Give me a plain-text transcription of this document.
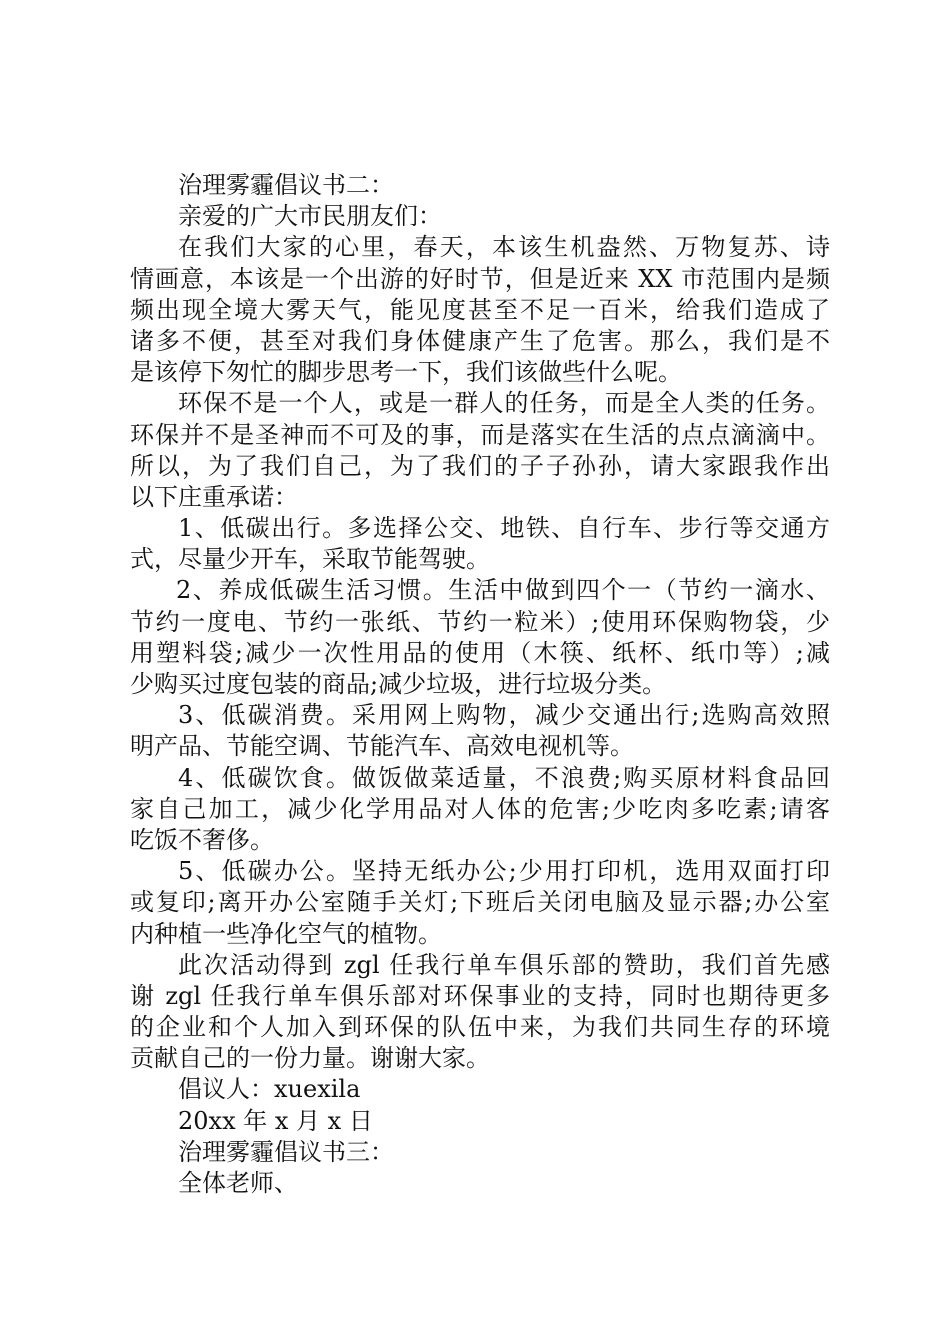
治理雾霾倡议书二：
亲爱的广大市民朋友们：
在我们大家的心里，春天，本该生机盎然、万物复苏、诗
情画意，本该是一个出游的好时节，但是近来 XX 市范围内是频
频出现全境大雾天气，能见度甚至不足一百米，给我们造成了
诸多不便，甚至对我们身体健康产生了危害。那么，我们是不
是该停下匆忙的脚步思考一下，我们该做些什么呢。
环保不是一个人，或是一群人的任务，而是全人类的任务。
环保并不是圣神而不可及的事，而是落实在生活的点点滴滴中。
所以，为了我们自己，为了我们的子子孙孙，请大家跟我作出
以下庄重承诺：
1、低碳出行。多选择公交、地铁、自行车、步行等交通方
式，尽量少开车，采取节能驾驶。
2、养成低碳生活习惯。生活中做到四个一（节约一滴水、
节约一度电、节约一张纸、节约一粒米）;使用环保购物袋，少
用塑料袋;减少一次性用品的使用（木筷、纸杯、纸巾等）;减
少购买过度包装的商品;减少垃圾，进行垃圾分类。
3、低碳消费。采用网上购物，减少交通出行;选购高效照
明产品、节能空调、节能汽车、高效电视机等。
4、低碳饮食。做饭做菜适量，不浪费;购买原材料食品回
家自己加工，减少化学用品对人体的危害;少吃肉多吃素;请客
吃饭不奢侈。
5、低碳办公。坚持无纸办公;少用打印机，选用双面打印
或复印;离开办公室随手关灯;下班后关闭电脑及显示器;办公室
内种植一些净化空气的植物。
此次活动得到 zgl 任我行单车俱乐部的赞助，我们首先感
谢 zgl 任我行单车俱乐部对环保事业的支持，同时也期待更多
的企业和个人加入到环保的队伍中来，为我们共同生存的环境
贡献自己的一份力量。谢谢大家。
倡议人：xuexila
20xx 年 x 月 x 日
治理雾霾倡议书三：
全体老师、
